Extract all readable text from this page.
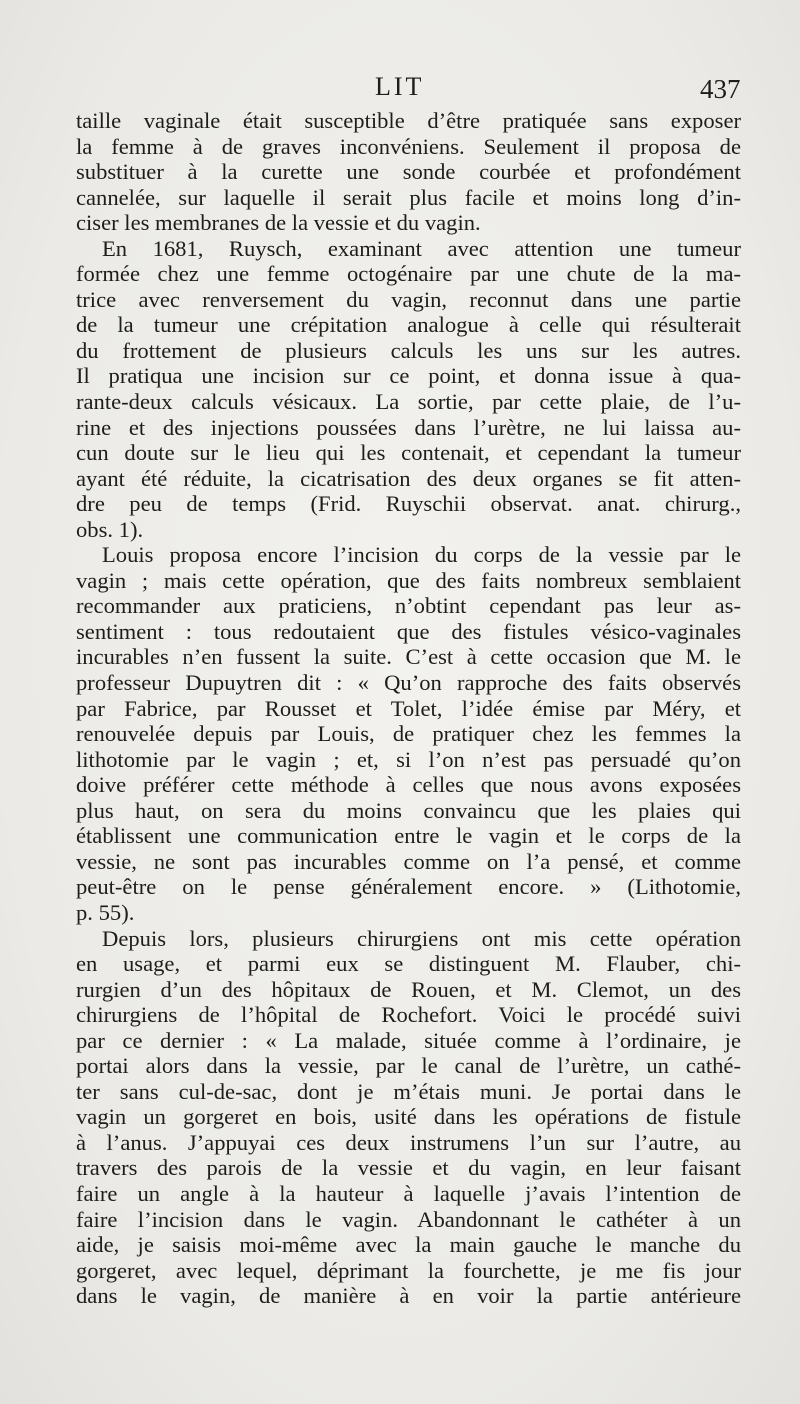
LIT	437
taille vaginale était susceptible d’être pratiquée sans exposer
la femme à de graves inconvéniens. Seulement il proposa de
substituer à la curette une sonde courbée et profondément
cannelée, sur laquelle il serait plus facile et moins long d’in-
ciser les membranes de la vessie et du vagin.
En 1681, Ruysch, examinant avec attention une tumeur
formée chez une femme octogénaire par une chute de la ma-
trice avec renversement du vagin, reconnut dans une partie
de la tumeur une crépitation analogue à celle qui résulterait
du frottement de plusieurs calculs les uns sur les autres.
Il pratiqua une incision sur ce point, et donna issue à qua-
rante-deux calculs vésicaux. La sortie, par cette plaie, de l’u-
rine et des injections poussées dans l’urètre, ne lui laissa au-
cun doute sur le lieu qui les contenait, et cependant la tumeur
ayant été réduite, la cicatrisation des deux organes se fit atten-
dre peu de temps (Frid. Ruyschii observat. anat. chirurg.,
obs. 1).
Louis proposa encore l’incision du corps de la vessie par le
vagin ; mais cette opération, que des faits nombreux semblaient
recommander aux praticiens, n’obtint cependant pas leur as-
sentiment : tous redoutaient que des fistules vésico-vaginales
incurables n’en fussent la suite. C’est à cette occasion que M. le
professeur Dupuytren dit : « Qu’on rapproche des faits observés
par Fabrice, par Rousset et Tolet, l’idée émise par Méry, et
renouvelée depuis par Louis, de pratiquer chez les femmes la
lithotomie par le vagin ; et, si l’on n’est pas persuadé qu’on
doive préférer cette méthode à celles que nous avons exposées
plus haut, on sera du moins convaincu que les plaies qui
établissent une communication entre le vagin et le corps de la
vessie, ne sont pas incurables comme on l’a pensé, et comme
peut-être on le pense généralement encore. » (Lithotomie,
p. 55).
Depuis lors, plusieurs chirurgiens ont mis cette opération
en usage, et parmi eux se distinguent M. Flauber, chi-
rurgien d’un des hôpitaux de Rouen, et M. Clemot, un des
chirurgiens de l’hôpital de Rochefort. Voici le procédé suivi
par ce dernier : « La malade, située comme à l’ordinaire, je
portai alors dans la vessie, par le canal de l’urètre, un cathé-
ter sans cul-de-sac, dont je m’étais muni. Je portai dans le
vagin un gorgeret en bois, usité dans les opérations de fistule
à l’anus. J’appuyai ces deux instrumens l’un sur l’autre, au
travers des parois de la vessie et du vagin, en leur faisant
faire un angle à la hauteur à laquelle j’avais l’intention de
faire l’incision dans le vagin. Abandonnant le cathéter à un
aide, je saisis moi-même avec la main gauche le manche du
gorgeret, avec lequel, déprimant la fourchette, je me fis jour
dans le vagin, de manière à en voir la partie antérieure
